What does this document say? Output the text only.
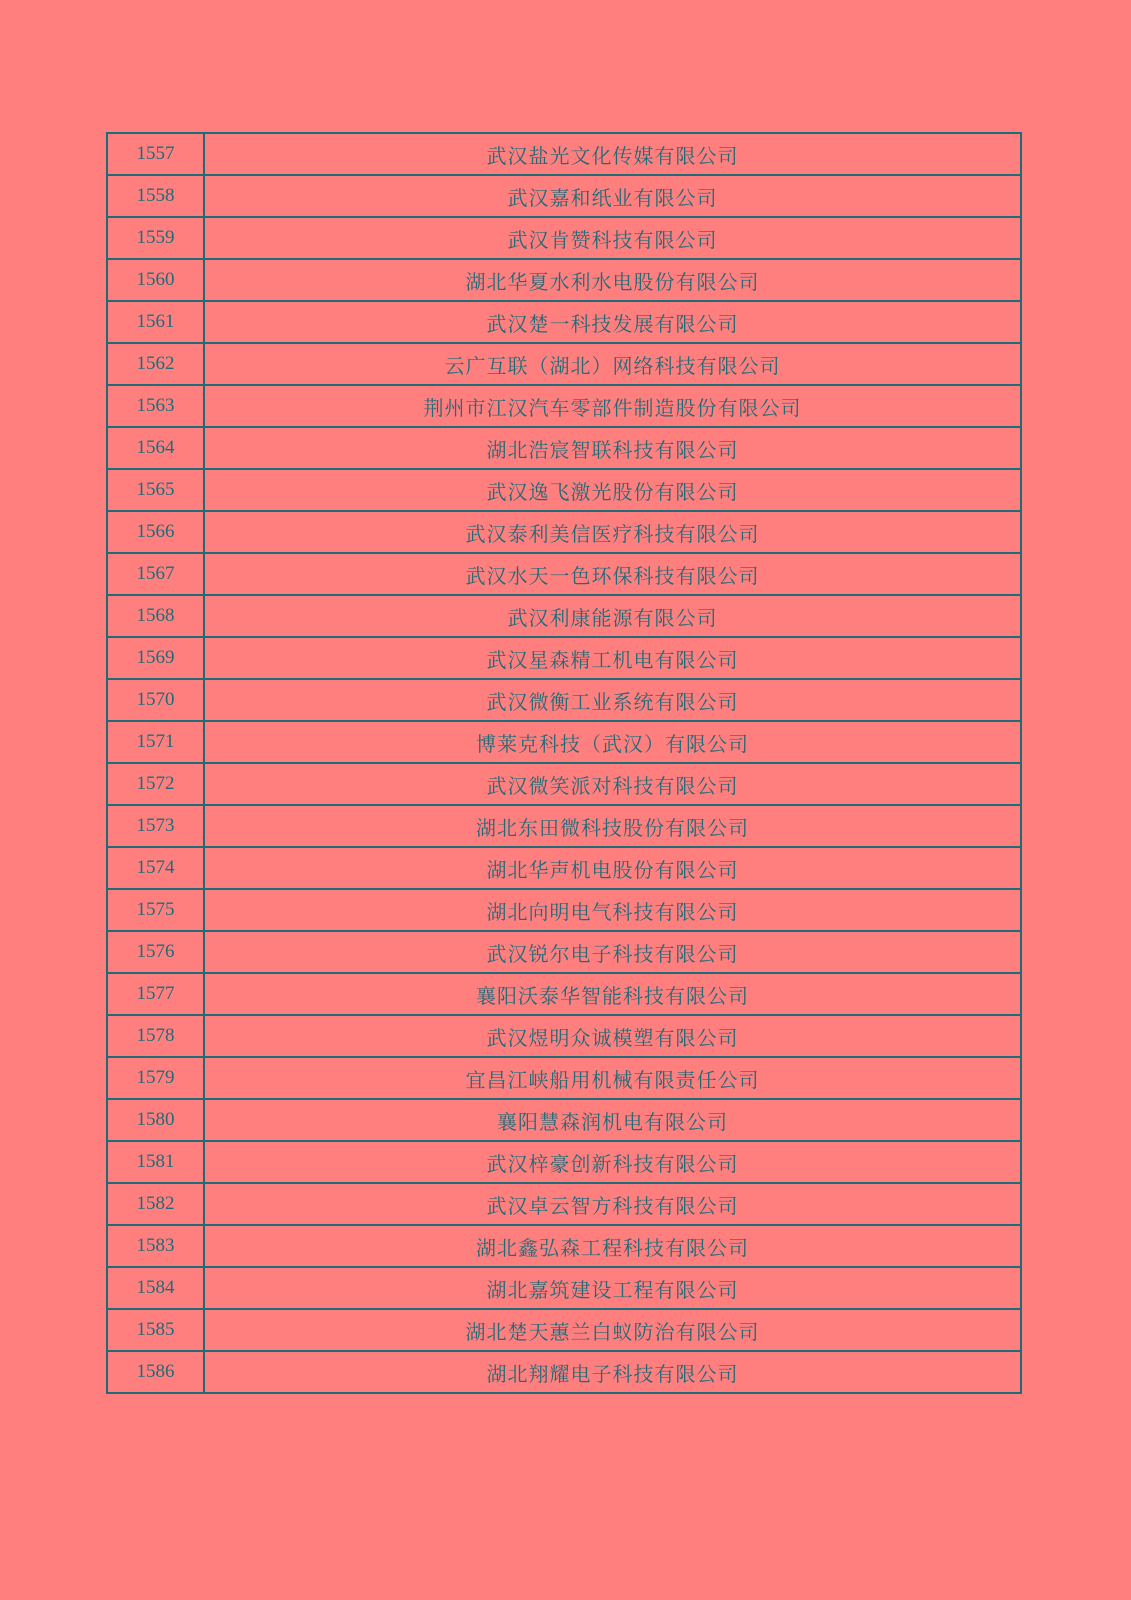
1557	武汉盐光文化传媒有限公司
1558	武汉嘉和纸业有限公司
1559	武汉肯赞科技有限公司
1560	湖北华夏水利水电股份有限公司
1561	武汉楚一科技发展有限公司
1562	云广互联（湖北）网络科技有限公司
1563	荆州市江汉汽车零部件制造股份有限公司
1564	湖北浩宸智联科技有限公司
1565	武汉逸飞激光股份有限公司
1566	武汉泰利美信医疗科技有限公司
1567	武汉水天一色环保科技有限公司
1568	武汉利康能源有限公司
1569	武汉星森精工机电有限公司
1570	武汉微衡工业系统有限公司
1571	博莱克科技（武汉）有限公司
1572	武汉微笑派对科技有限公司
1573	湖北东田微科技股份有限公司
1574	湖北华声机电股份有限公司
1575	湖北向明电气科技有限公司
1576	武汉锐尔电子科技有限公司
1577	襄阳沃泰华智能科技有限公司
1578	武汉煜明众诚模塑有限公司
1579	宜昌江峡船用机械有限责任公司
1580	襄阳慧森润机电有限公司
1581	武汉梓豪创新科技有限公司
1582	武汉卓云智方科技有限公司
1583	湖北鑫弘森工程科技有限公司
1584	湖北嘉筑建设工程有限公司
1585	湖北楚天蕙兰白蚁防治有限公司
1586	湖北翔耀电子科技有限公司
